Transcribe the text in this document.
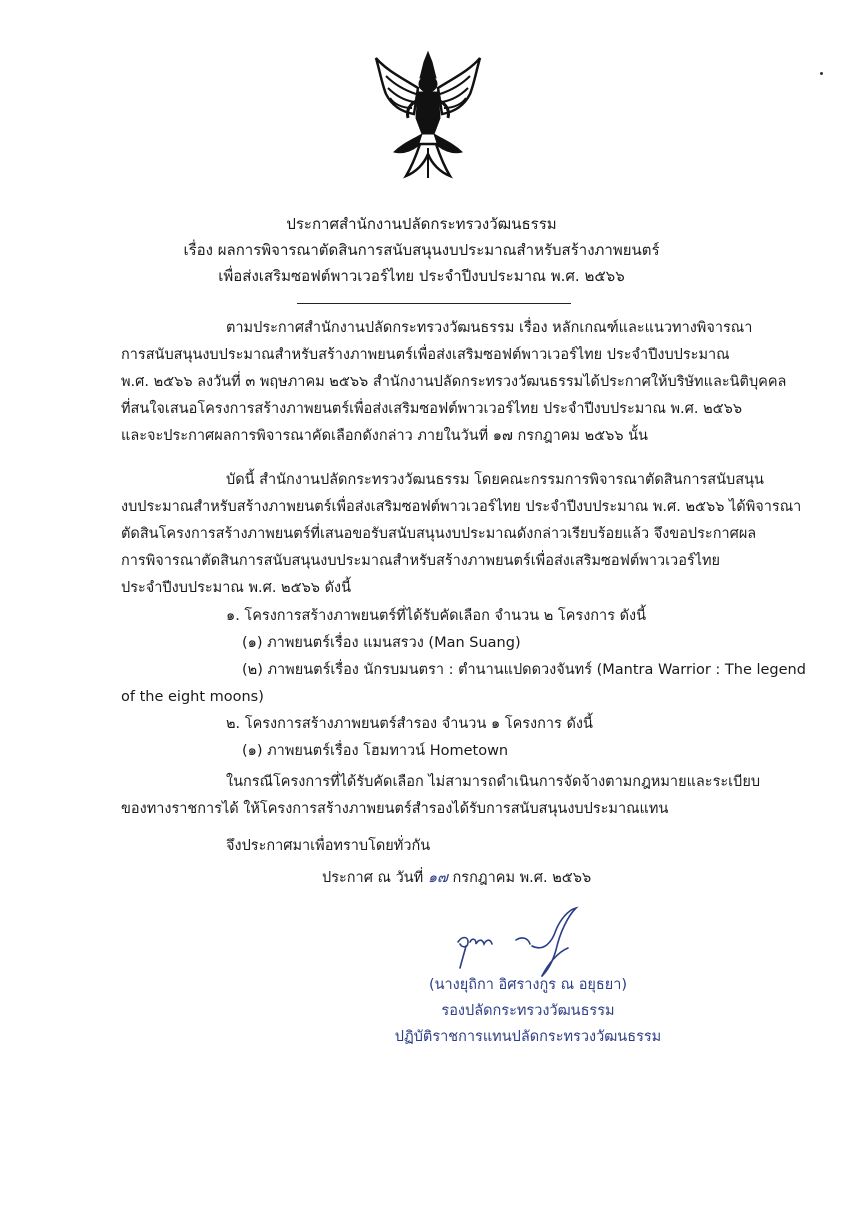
ประกาศสำนักงานปลัดกระทรวงวัฒนธรรม
เรื่อง ผลการพิจารณาตัดสินการสนับสนุนงบประมาณสำหรับสร้างภาพยนตร์
เพื่อส่งเสริมซอฟต์พาวเวอร์ไทย ประจำปีงบประมาณ พ.ศ. ๒๕๖๖
ตามประกาศสำนักงานปลัดกระทรวงวัฒนธรรม เรื่อง หลักเกณฑ์และแนวทางพิจารณา
การสนับสนุนงบประมาณสำหรับสร้างภาพยนตร์เพื่อส่งเสริมซอฟต์พาวเวอร์ไทย ประจำปีงบประมาณ
พ.ศ. ๒๕๖๖ ลงวันที่ ๓ พฤษภาคม ๒๕๖๖ สำนักงานปลัดกระทรวงวัฒนธรรมได้ประกาศให้บริษัทและนิติบุคคล
ที่สนใจเสนอโครงการสร้างภาพยนตร์เพื่อส่งเสริมซอฟต์พาวเวอร์ไทย ประจำปีงบประมาณ พ.ศ. ๒๕๖๖
และจะประกาศผลการพิจารณาคัดเลือกดังกล่าว ภายในวันที่ ๑๗ กรกฎาคม ๒๕๖๖ นั้น
บัดนี้ สำนักงานปลัดกระทรวงวัฒนธรรม โดยคณะกรรมการพิจารณาตัดสินการสนับสนุน
งบประมาณสำหรับสร้างภาพยนตร์เพื่อส่งเสริมซอฟต์พาวเวอร์ไทย ประจำปีงบประมาณ พ.ศ. ๒๕๖๖ ได้พิจารณา
ตัดสินโครงการสร้างภาพยนตร์ที่เสนอขอรับสนับสนุนงบประมาณดังกล่าวเรียบร้อยแล้ว จึงขอประกาศผล
การพิจารณาตัดสินการสนับสนุนงบประมาณสำหรับสร้างภาพยนตร์เพื่อส่งเสริมซอฟต์พาวเวอร์ไทย
ประจำปีงบประมาณ พ.ศ. ๒๕๖๖ ดังนี้
๑. โครงการสร้างภาพยนตร์ที่ได้รับคัดเลือก จำนวน ๒ โครงการ ดังนี้
(๑) ภาพยนตร์เรื่อง แมนสรวง (Man Suang)
(๒) ภาพยนตร์เรื่อง นักรบมนตรา : ตำนานแปดดวงจันทร์ (Mantra Warrior : The legend
of the eight moons)
๒. โครงการสร้างภาพยนตร์สำรอง จำนวน ๑ โครงการ ดังนี้
(๑) ภาพยนตร์เรื่อง โฮมทาวน์ Hometown
ในกรณีโครงการที่ได้รับคัดเลือก ไม่สามารถดำเนินการจัดจ้างตามกฎหมายและระเบียบ
ของทางราชการได้ ให้โครงการสร้างภาพยนตร์สำรองได้รับการสนับสนุนงบประมาณแทน
จึงประกาศมาเพื่อทราบโดยทั่วกัน
ประกาศ ณ วันที่ ๑๗ กรกฎาคม พ.ศ. ๒๕๖๖
(นางยุถิกา อิศรางกูร ณ อยุธยา)
รองปลัดกระทรวงวัฒนธรรม
ปฏิบัติราชการแทนปลัดกระทรวงวัฒนธรรม
